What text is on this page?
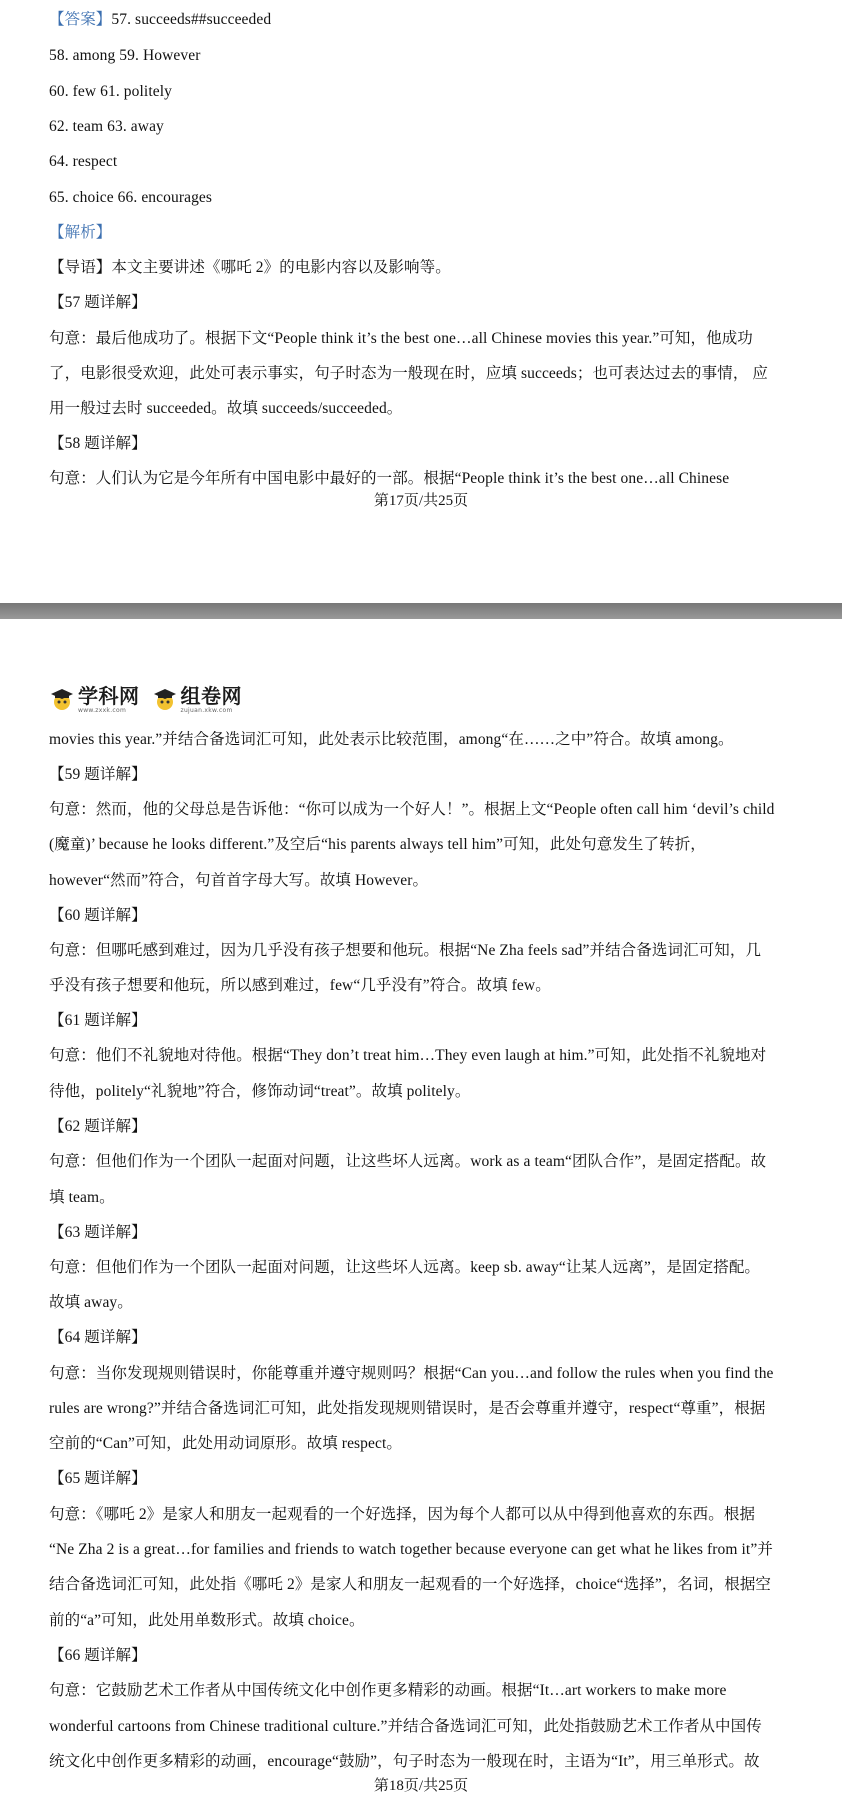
【答案】57. succeeds##succeeded
58. among 59. However
60. few 61. politely
62. team 63. away
64. respect
65. choice 66. encourages
【解析】
【导语】本文主要讲述《哪吒 2》的电影内容以及影响等。
【57 题详解】
句意：最后他成功了。根据下文“People think it’s the best one…all Chinese movies this year.”可知，他成功
了，电影很受欢迎，此处可表示事实，句子时态为一般现在时，应填 succeeds；也可表达过去的事情， 应
用一般过去时 succeeded。故填 succeeds/succeeded。
【58 题详解】
句意：人们认为它是今年所有中国电影中最好的一部。根据“People think it’s the best one…all Chinese
第17页/共25页
学科网
www.zxxk.com
组卷网
zujuan.xkw.com
movies this year.”并结合备选词汇可知，此处表示比较范围，among“在……之中”符合。故填 among。
【59 题详解】
句意：然而，他的父母总是告诉他：“你可以成为一个好人！”。根据上文“People often call him ‘devil’s child
(魔童)’ because he looks different.”及空后“his parents always tell him”可知，此处句意发生了转折，
however“然而”符合，句首首字母大写。故填 However。
【60 题详解】
句意：但哪吒感到难过，因为几乎没有孩子想要和他玩。根据“Ne Zha feels sad”并结合备选词汇可知，几
乎没有孩子想要和他玩，所以感到难过，few“几乎没有”符合。故填 few。
【61 题详解】
句意：他们不礼貌地对待他。根据“They don’t treat him…They even laugh at him.”可知，此处指不礼貌地对
待他，politely“礼貌地”符合，修饰动词“treat”。故填 politely。
【62 题详解】
句意：但他们作为一个团队一起面对问题，让这些坏人远离。work as a team“团队合作”，是固定搭配。故
填 team。
【63 题详解】
句意：但他们作为一个团队一起面对问题，让这些坏人远离。keep sb. away“让某人远离”，是固定搭配。
故填 away。
【64 题详解】
句意：当你发现规则错误时，你能尊重并遵守规则吗？根据“Can you…and follow the rules when you find the
rules are wrong?”并结合备选词汇可知，此处指发现规则错误时，是否会尊重并遵守，respect“尊重”，根据
空前的“Can”可知，此处用动词原形。故填 respect。
【65 题详解】
句意：《哪吒 2》是家人和朋友一起观看的一个好选择，因为每个人都可以从中得到他喜欢的东西。根据
“Ne Zha 2 is a great…for families and friends to watch together because everyone can get what he likes from it”并
结合备选词汇可知，此处指《哪吒 2》是家人和朋友一起观看的一个好选择，choice“选择”，名词，根据空
前的“a”可知，此处用单数形式。故填 choice。
【66 题详解】
句意：它鼓励艺术工作者从中国传统文化中创作更多精彩的动画。根据“It…art workers to make more
wonderful cartoons from Chinese traditional culture.”并结合备选词汇可知，此处指鼓励艺术工作者从中国传
统文化中创作更多精彩的动画，encourage“鼓励”，句子时态为一般现在时，主语为“It”，用三单形式。故
第18页/共25页
